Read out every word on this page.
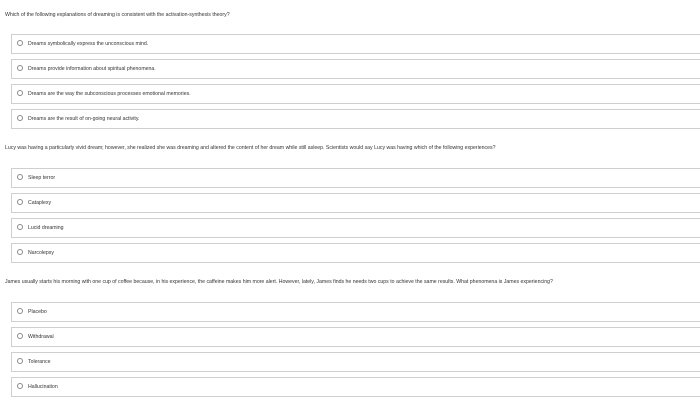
Which of the following explanations of dreaming is consistent with the activation-synthesis theory?
Dreams symbolically express the unconscious mind.
Dreams provide information about spiritual phenomena.
Dreams are the way the subconscious processes emotional memories.
Dreams are the result of on-going neural activity.
Lucy was having a particularly vivid dream; however, she realized she was dreaming and altered the content of her dream while still asleep. Scientists would say Lucy was having which of the following experiences?
Sleep terror
Cataplexy
Lucid dreaming
Narcolepsy
James usually starts his morning with one cup of coffee because, in his experience, the caffeine makes him more alert. However, lately, James finds he needs two cups to achieve the same results. What phenomena is James experiencing?
Placebo
Withdrawal
Tolerance
Hallucination
